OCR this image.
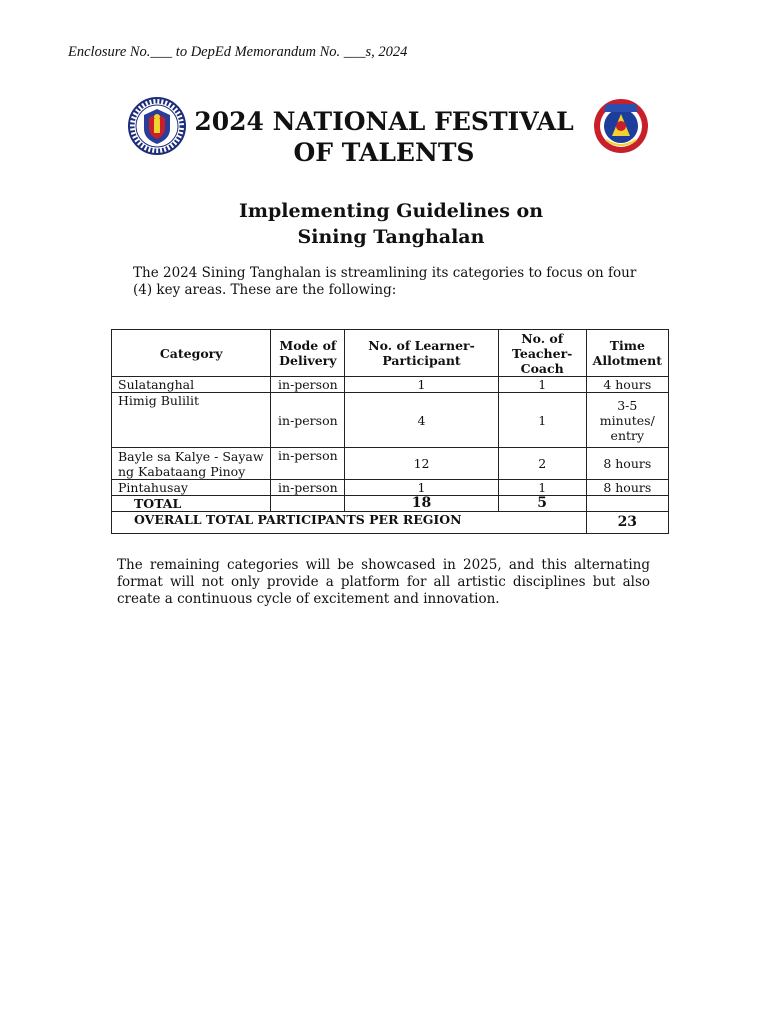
Enclosure No.___ to DepEd Memorandum No. ___s, 2024
2024 NATIONAL FESTIVAL
OF TALENTS
Implementing Guidelines on
Sining Tanghalan
The 2024 Sining Tanghalan is streamlining its categories to focus on four (4) key areas. These are the following:
Category	Mode of Delivery	No. of Learner-Participant	No. of Teacher-Coach	Time Allotment
Sulatanghal	in-person	1	1	4 hours
Himig Bulilit	in-person	4	1	3-5 minutes/ entry
Bayle sa Kalye - Sayaw ng Kabataang Pinoy	in-person	12	2	8 hours
Pintahusay	in-person	1	1	8 hours
TOTAL		18	5	
OVERALL TOTAL PARTICIPANTS PER REGION				23
The remaining categories will be showcased in 2025, and this alternating format will not only provide a platform for all artistic disciplines but also create a continuous cycle of excitement and innovation.
